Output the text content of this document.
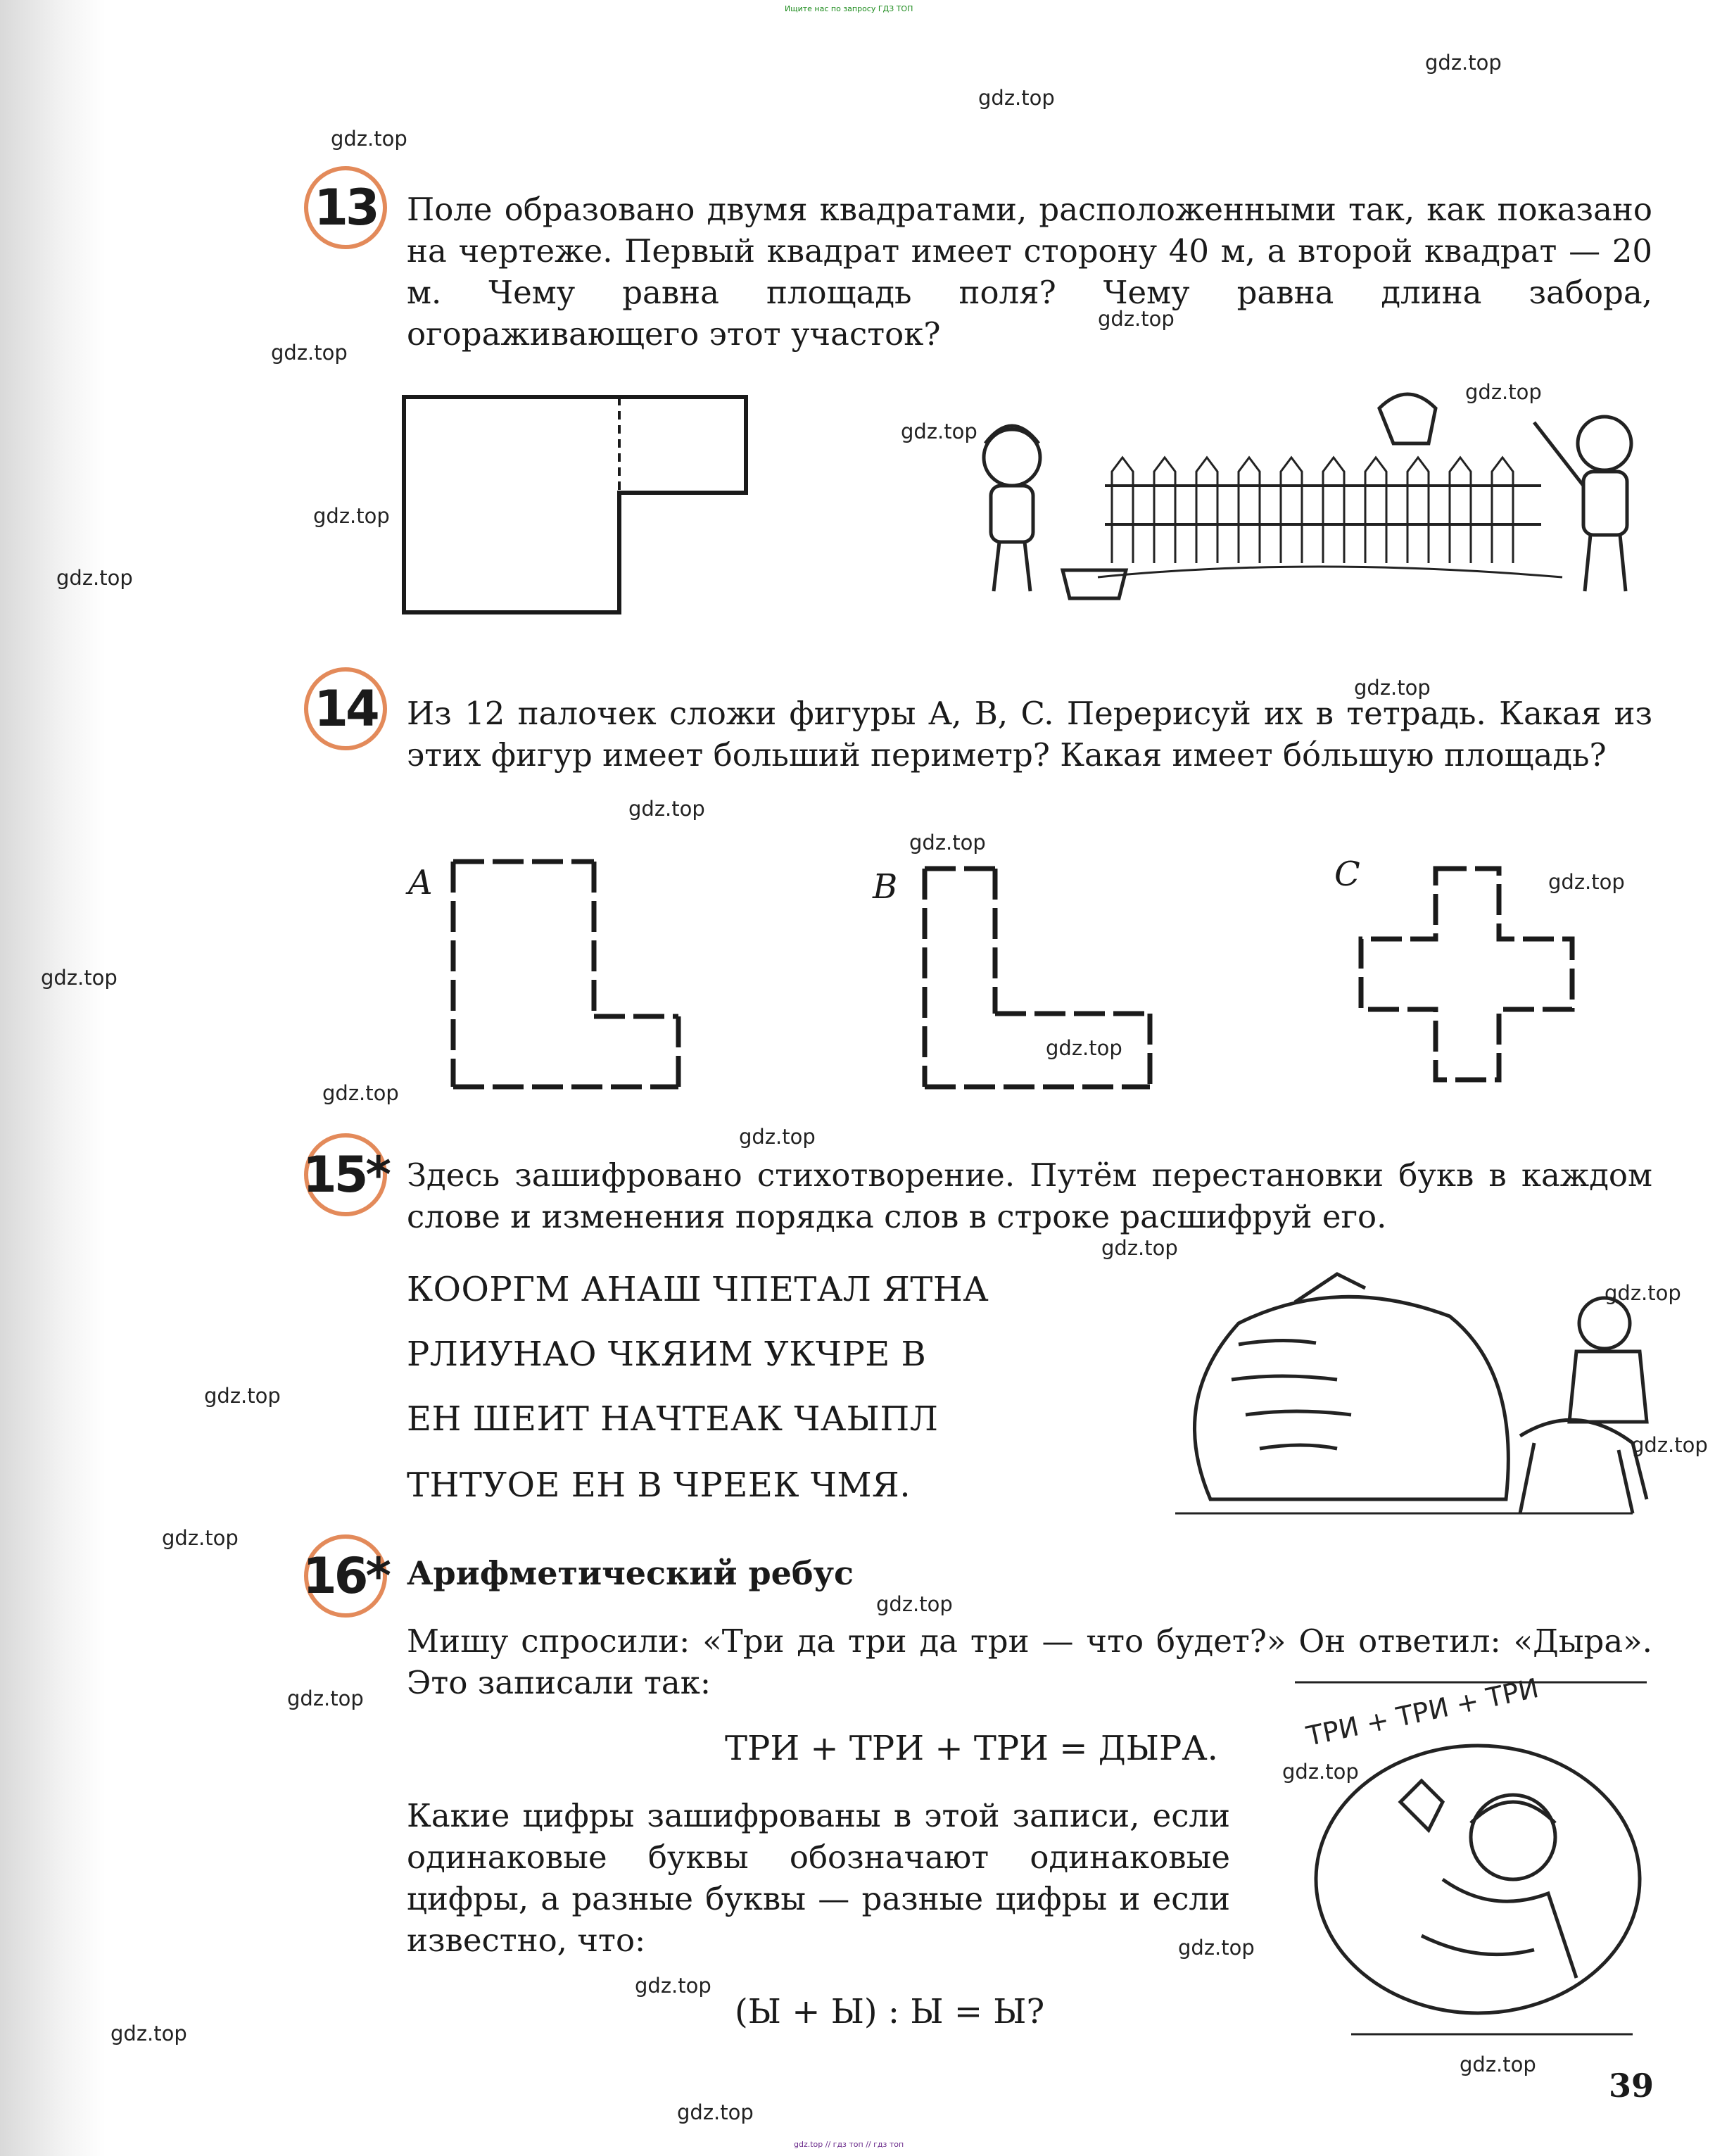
Ищите нас по запросу ГДЗ ТОП
gdz.top // гдз топ // гдз топ
gdz.top
gdz.top
gdz.top
gdz.top
gdz.top
gdz.top
gdz.top
gdz.top
gdz.top
gdz.top
gdz.top
gdz.top
gdz.top
gdz.top
gdz.top
gdz.top
gdz.top
gdz.top
gdz.top
gdz.top
gdz.top
gdz.top
gdz.top
gdz.top
gdz.top
gdz.top
gdz.top
gdz.top
gdz.top
gdz.top
13 Поле образовано двумя квадратами, расположенными так, как показано на чертеже. Первый квадрат имеет сторону 40 м, а второй квадрат — 20 м. Чему равна площадь поля? Чему равна длина забора, огораживающего этот участок?
14 Из 12 палочек сложи фигуры A, B, C. Перерисуй их в тетрадь. Какая из этих фигур имеет больший периметр? Какая имеет бóльшую площадь?
A	B	C
15* Здесь зашифровано стихотворение. Путём перестановки букв в каждом слове и изменения порядка слов в строке расшифруй его.
КООРГМ АНАШ ЧПЕТАЛ ЯТНА
РЛИУНАО ЧКЯИМ УКЧРЕ В
ЕН ШЕИТ НАЧТЕАК ЧАЫПЛ
ТНТУОЕ ЕН В ЧРЕЕК ЧМЯ.
16* Арифметический ребус
Мишу спросили: «Три да три да три — что будет?» Он ответил: «Дыра». Это записали так:
ТРИ + ТРИ + ТРИ = ДЫРА.
Какие цифры зашифрованы в этой записи, если одинаковые буквы обозначают одинаковые цифры, а разные буквы — разные цифры и если известно, что:
(Ы + Ы) : Ы = Ы?
ТРИ + ТРИ + ТРИ
39
